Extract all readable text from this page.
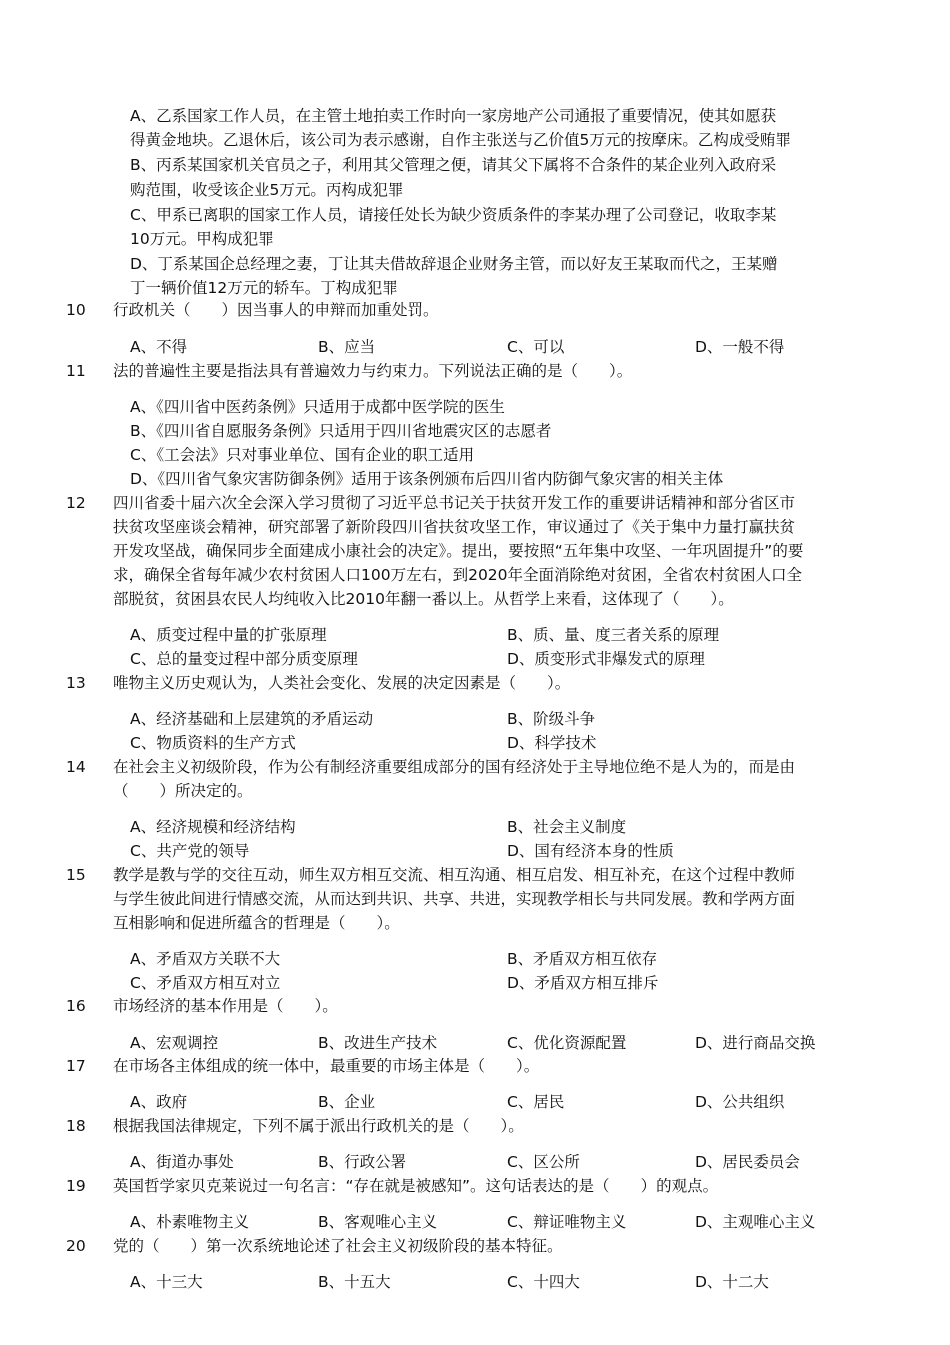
A、乙系国家工作人员，在主管土地拍卖工作时向一家房地产公司通报了重要情况，使其如愿获
得黄金地块。乙退休后，该公司为表示感谢，自作主张送与乙价值5万元的按摩床。乙构成受贿罪
B、丙系某国家机关官员之子，利用其父管理之便，请其父下属将不合条件的某企业列入政府采
购范围，收受该企业5万元。丙构成犯罪
C、甲系已离职的国家工作人员，请接任处长为缺少资质条件的李某办理了公司登记，收取李某
10万元。甲构成犯罪
D、丁系某国企总经理之妻，丁让其夫借故辞退企业财务主管，而以好友王某取而代之，王某赠
丁一辆价值12万元的轿车。丁构成犯罪
10 行政机关（　　）因当事人的申辩而加重处罚。
A、不得	B、应当	C、可以	D、一般不得
11 法的普遍性主要是指法具有普遍效力与约束力。下列说法正确的是（　　）。
A、《四川省中医药条例》只适用于成都中医学院的医生
B、《四川省自愿服务条例》只适用于四川省地震灾区的志愿者
C、《工会法》只对事业单位、国有企业的职工适用
D、《四川省气象灾害防御条例》适用于该条例颁布后四川省内防御气象灾害的相关主体
12 四川省委十届六次全会深入学习贯彻了习近平总书记关于扶贫开发工作的重要讲话精神和部分省区市
扶贫攻坚座谈会精神，研究部署了新阶段四川省扶贫攻坚工作，审议通过了《关于集中力量打赢扶贫
开发攻坚战，确保同步全面建成小康社会的决定》。提出，要按照“五年集中攻坚、一年巩固提升”的要
求，确保全省每年减少农村贫困人口100万左右，到2020年全面消除绝对贫困，全省农村贫困人口全
部脱贫，贫困县农民人均纯收入比2010年翻一番以上。从哲学上来看，这体现了（　　）。
A、质变过程中量的扩张原理	B、质、量、度三者关系的原理
C、总的量变过程中部分质变原理	D、质变形式非爆发式的原理
13 唯物主义历史观认为，人类社会变化、发展的决定因素是（　　）。
A、经济基础和上层建筑的矛盾运动	B、阶级斗争
C、物质资料的生产方式	D、科学技术
14 在社会主义初级阶段，作为公有制经济重要组成部分的国有经济处于主导地位绝不是人为的，而是由
（　　）所决定的。
A、经济规模和经济结构	B、社会主义制度
C、共产党的领导	D、国有经济本身的性质
15 教学是教与学的交往互动，师生双方相互交流、相互沟通、相互启发、相互补充，在这个过程中教师
与学生彼此间进行情感交流，从而达到共识、共享、共进，实现教学相长与共同发展。教和学两方面
互相影响和促进所蕴含的哲理是（　　）。
A、矛盾双方关联不大	B、矛盾双方相互依存
C、矛盾双方相互对立	D、矛盾双方相互排斥
16 市场经济的基本作用是（　　）。
A、宏观调控	B、改进生产技术	C、优化资源配置	D、进行商品交换
17 在市场各主体组成的统一体中，最重要的市场主体是（　　）。
A、政府	B、企业	C、居民	D、公共组织
18 根据我国法律规定，下列不属于派出行政机关的是（　　）。
A、街道办事处	B、行政公署	C、区公所	D、居民委员会
19 英国哲学家贝克莱说过一句名言：“存在就是被感知”。这句话表达的是（　　）的观点。
A、朴素唯物主义	B、客观唯心主义	C、辩证唯物主义	D、主观唯心主义
20 党的（　　）第一次系统地论述了社会主义初级阶段的基本特征。
A、十三大	B、十五大	C、十四大	D、十二大
